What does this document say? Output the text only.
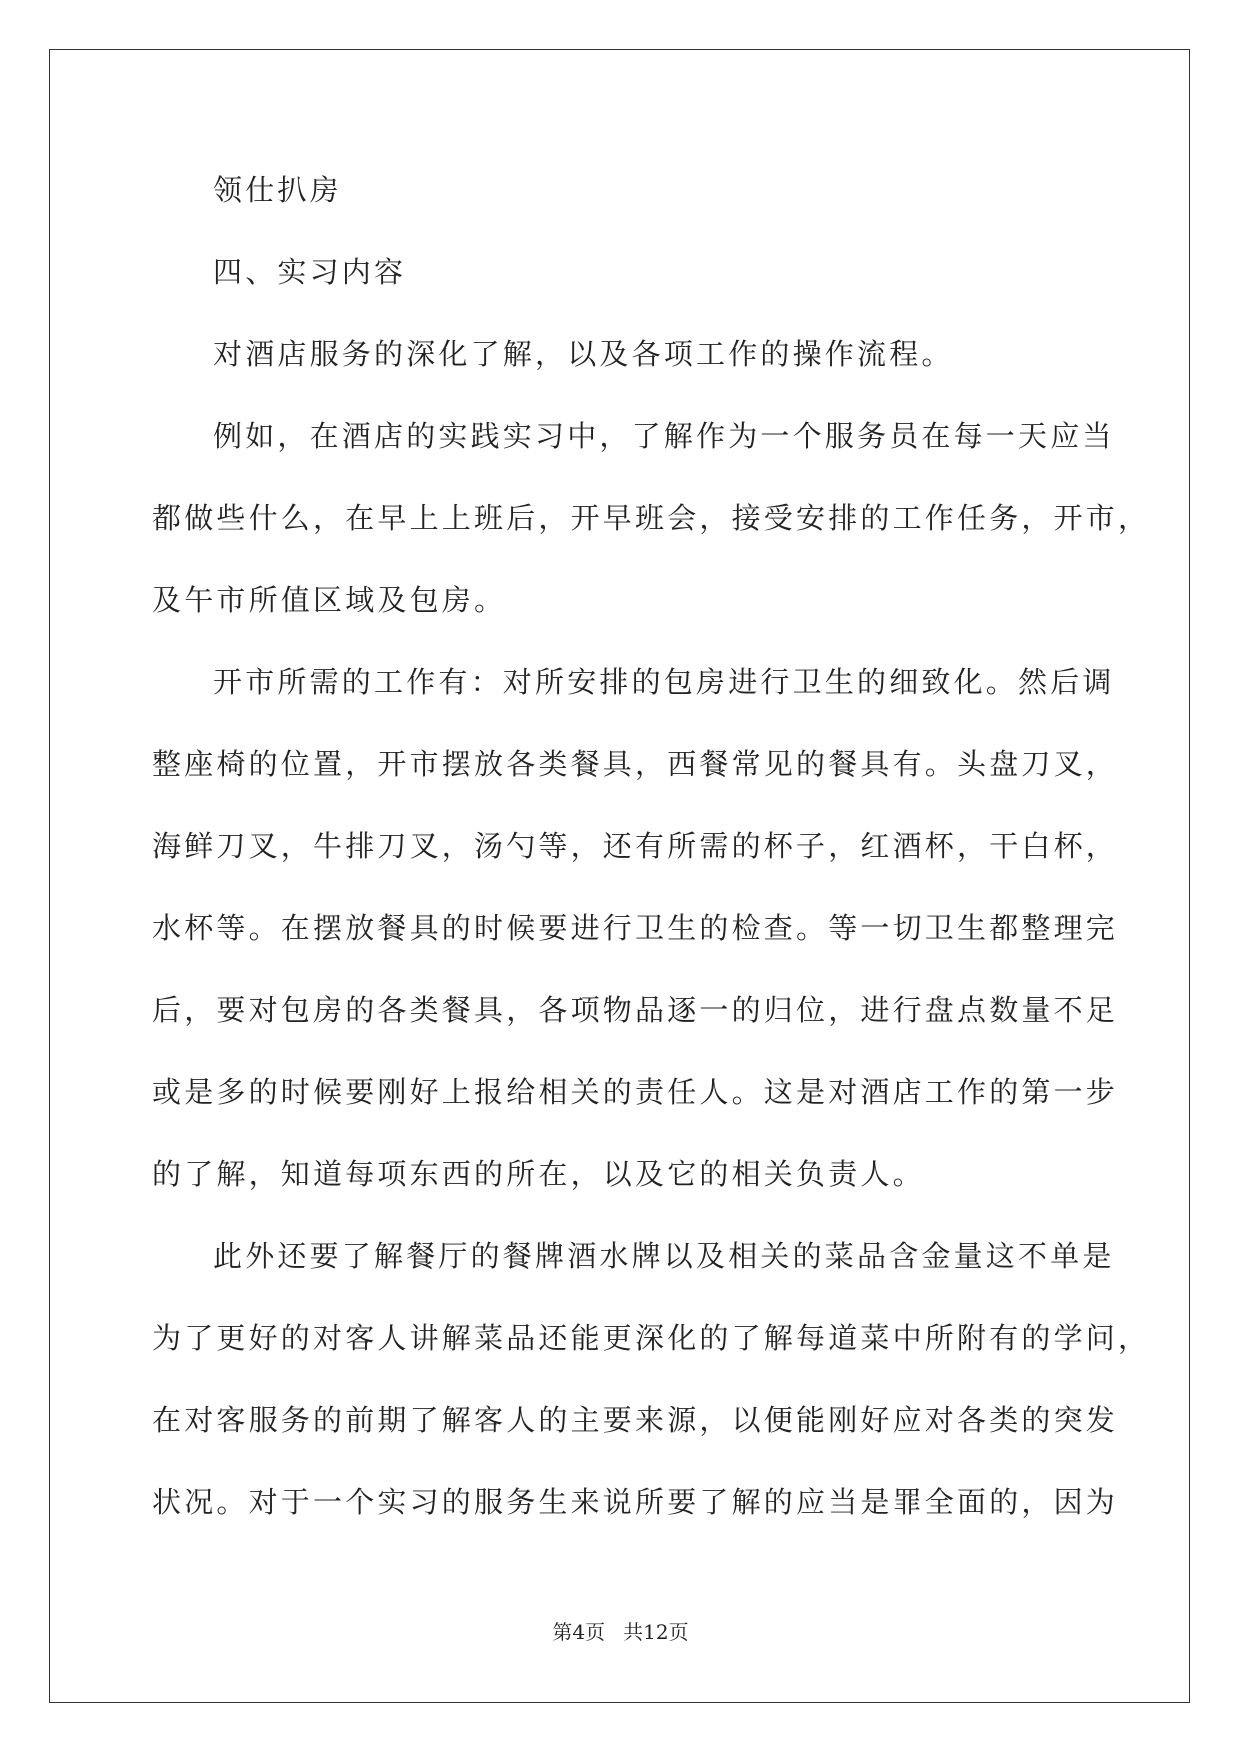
领仕扒房
四、实习内容
对酒店服务的深化了解，以及各项工作的操作流程。
例如，在酒店的实践实习中，了解作为一个服务员在每一天应当
都做些什么，在早上上班后，开早班会，接受安排的工作任务，开市，
及午市所值区域及包房。
开市所需的工作有：对所安排的包房进行卫生的细致化。然后调
整座椅的位置，开市摆放各类餐具，西餐常见的餐具有。头盘刀叉，
海鲜刀叉，牛排刀叉，汤勺等，还有所需的杯子，红酒杯，干白杯，
水杯等。在摆放餐具的时候要进行卫生的检查。等一切卫生都整理完
后，要对包房的各类餐具，各项物品逐一的归位，进行盘点数量不足
或是多的时候要刚好上报给相关的责任人。这是对酒店工作的第一步
的了解，知道每项东西的所在，以及它的相关负责人。
此外还要了解餐厅的餐牌酒水牌以及相关的菜品含金量这不单是
为了更好的对客人讲解菜品还能更深化的了解每道菜中所附有的学问，
在对客服务的前期了解客人的主要来源，以便能刚好应对各类的突发
状况。对于一个实习的服务生来说所要了解的应当是罪全面的，因为
第4页 共12页
